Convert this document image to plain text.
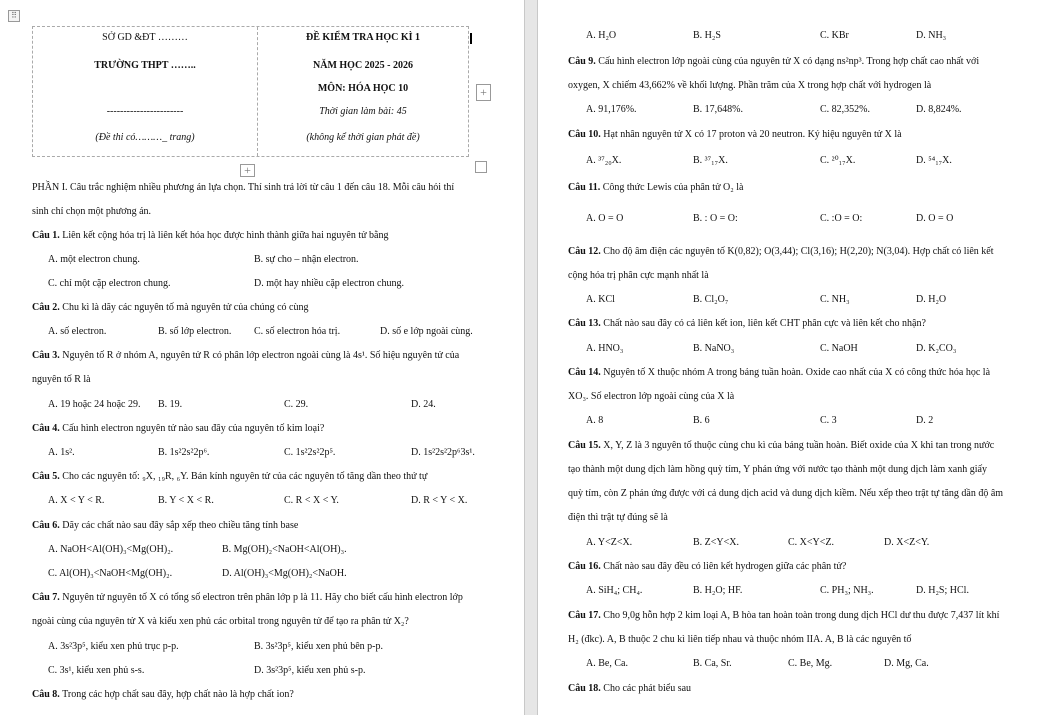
⠿
SỞ GD &ĐT ………
TRƯỜNG THPT ……..
-----------------------
(Đề thi có………_ trang)
ĐỀ KIỂM TRA HỌC KÌ 1
NĂM HỌC 2025 - 2026
MÔN: HÓA HỌC 10
Thời gian làm bài: 45
(không kể thời gian phát đề)
+
+
PHẦN I. Câu trắc nghiệm nhiều phương án lựa chọn. Thí sinh trả lời từ câu 1 đến câu 18. Mỗi câu hỏi thí
sinh chỉ chọn một phương án.
Câu 1. Liên kết cộng hóa trị là liên kết hóa học được hình thành giữa hai nguyên tử bằng
A. một electron chung.	B. sự cho – nhận electron.
C. chỉ một cặp electron chung.	D. một hay nhiều cặp electron chung.
Câu 2. Chu kì là dãy các nguyên tố mà nguyên tử của chúng có cùng
A. số electron.	B. số lớp electron. C. số electron hóa trị.	D. số e lớp ngoài cùng.
Câu 3. Nguyên tố R ở nhóm A, nguyên tử R có phân lớp electron ngoài cùng là 4s¹. Số hiệu nguyên tử của
nguyên tố R là
A. 19 hoặc 24 hoặc 29. B. 19.	C. 29.	D. 24.
Câu 4. Cấu hình electron nguyên tử nào sau đây của nguyên tố kim loại?
A. 1s².	B. 1s²2s²2p⁶.	C. 1s²2s²2p⁵.	D. 1s²2s²2p⁶3s¹.
Câu 5. Cho các nguyên tố: ₉X, ₁₉R, ₆Y. Bán kính nguyên tử của các nguyên tố tăng dần theo thứ tự
A. X < Y < R.	B. Y < X < R.	C. R < X < Y.	D. R < Y < X.
Câu 6. Dãy các chất nào sau đây sắp xếp theo chiều tăng tính base
A. NaOH<Al(OH)₃<Mg(OH)₂.	B. Mg(OH)₂<NaOH<Al(OH)₃.
C. Al(OH)₃<NaOH<Mg(OH)₂.	D. Al(OH)₃<Mg(OH)₂<NaOH.
Câu 7. Nguyên tử nguyên tố X có tổng số electron trên phân lớp p là 11. Hãy cho biết cấu hình electron lớp
ngoài cùng của nguyên tử X và kiểu xen phủ các orbital trong nguyên tử để tạo ra phân tử X₂?
A. 3s²3p⁵, kiểu xen phủ trục p-p.	B. 3s²3p⁵, kiểu xen phủ bên p-p.
C. 3s¹, kiểu xen phủ s-s.	D. 3s²3p⁵, kiểu xen phủ s-p.
Câu 8. Trong các hợp chất sau đây, hợp chất nào là hợp chất ion?
A. H₂O	B. H₂S	C. KBr	D. NH₃
Câu 9. Cấu hình electron lớp ngoài cùng của nguyên tử X có dạng ns²np³. Trong hợp chất cao nhất với
oxygen, X chiếm 43,662% về khối lượng. Phần trăm của X trong hợp chất với hydrogen là
A. 91,176%.	B. 17,648%.	C. 82,352%.	D. 8,824%.
Câu 10. Hạt nhân nguyên tử X có 17 proton và 20 neutron. Ký hiệu nguyên tử X là
A. ³⁷₂₀X.	B. ³⁷₁₇X.	C. ²⁰₁₇X.	D. ⁵⁴₁₇X.
Câu 11. Công thức Lewis của phân tử O₂ là
A. O = O	B. : O = O:	C. :O = O:	D. O = O
Câu 12. Cho độ âm điện các nguyên tố K(0,82); O(3,44); Cl(3,16); H(2,20); N(3,04). Hợp chất có liên kết
cộng hóa trị phân cực mạnh nhất là
A. KCl	B. Cl₂O₇	C. NH₃	D. H₂O
Câu 13. Chất nào sau đây có cả liên kết ion, liên kết CHT phân cực và liên kết cho nhận?
A. HNO₃	B. NaNO₃	C. NaOH	D. K₂CO₃
Câu 14. Nguyên tố X thuộc nhóm A trong bảng tuần hoàn. Oxide cao nhất của X có công thức hóa học là
XO₃. Số electron lớp ngoài cùng của X là
A. 8	B. 6	C. 3	D. 2
Câu 15. X, Y, Z là 3 nguyên tố thuộc cùng chu kì của bảng tuần hoàn. Biết oxide của X khi tan trong nước
tạo thành một dung dịch làm hồng quỳ tím, Y phản ứng với nước tạo thành một dung dịch làm xanh giấy
quỳ tím, còn Z phản ứng được với cả dung dịch acid và dung dịch kiềm. Nếu xếp theo trật tự tăng dần độ âm
điện thì trật tự đúng sẽ là
A. Y<Z<X.	B. Z<Y<X.	C. X<Y<Z.	D. X<Z<Y.
Câu 16. Chất nào sau đây đều có liên kết hydrogen giữa các phân tử?
A. SiH₄; CH₄.	B. H₂O; HF.	C. PH₃; NH₃.	D. H₂S; HCl.
Câu 17. Cho 9,0g hỗn hợp 2 kim loại A, B hòa tan hoàn toàn trong dung dịch HCl dư thu được 7,437 lít khí
H₂ (đkc). A, B thuộc 2 chu kì liên tiếp nhau và thuộc nhóm IIA. A, B là các nguyên tố
A. Be, Ca.	B. Ca, Sr.	C. Be, Mg.	D. Mg, Ca.
Câu 18. Cho các phát biểu sau
